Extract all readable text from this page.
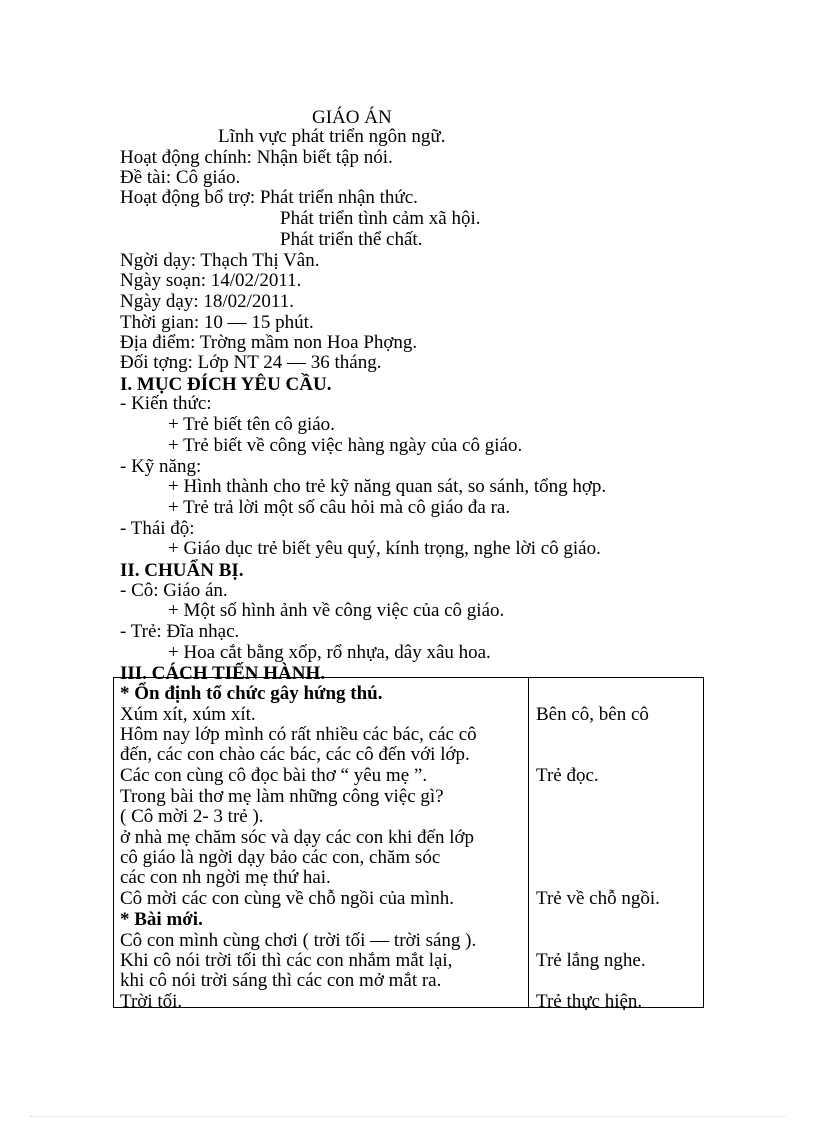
GIÁO ÁN
Lĩnh vực phát triển ngôn ngữ.
Hoạt động chính: Nhận biết tập nói.
Đề tài: Cô giáo.
Hoạt động bổ trợ: Phát triển nhận thức.
Phát triển tình cảm xã hội.
Phát triển thể chất.
Ngời dạy: Thạch Thị Vân.
Ngày soạn: 14/02/2011.
Ngày dạy: 18/02/2011.
Thời gian: 10 — 15 phút.
Địa điểm: Trờng mầm non Hoa Phợng.
Đối tợng: Lớp NT 24 — 36 tháng.
I. MỤC ĐÍCH YÊU CẦU.
- Kiến thức:
+ Trẻ biết tên cô giáo.
+ Trẻ biết về công việc hàng ngày của cô giáo.
- Kỹ năng:
+ Hình thành cho trẻ kỹ năng quan sát, so sánh, tổng hợp.
+ Trẻ trả lời một số câu hỏi mà cô giáo đa ra.
- Thái độ:
+ Giáo dục trẻ biết yêu quý, kính trọng, nghe lời cô giáo.
II. CHUẨN BỊ.
- Cô: Giáo án.
+ Một số hình ảnh về công việc của cô giáo.
- Trẻ: Đĩa nhạc.
+ Hoa cắt bằng xốp, rổ nhựa, dây xâu hoa.
III. CÁCH TIẾN HÀNH.
* Ổn định tổ chức gây hứng thú.
Xúm xít, xúm xít.
Hôm nay lớp mình có rất nhiều các bác, các cô
đến, các con chào các bác, các cô đến với lớp.
Các con cùng cô đọc bài thơ “ yêu mẹ ”.
Trong bài thơ mẹ làm những công việc gì?
( Cô mời 2- 3 trẻ ).
ở nhà mẹ chăm sóc và dạy các con khi đến lớp
cô giáo là ngời dạy bảo các con, chăm sóc
các con nh ngời mẹ thứ hai.
Cô mời các con cùng về chỗ ngồi của mình.
* Bài mới.
Cô con mình cùng chơi ( trời tối — trời sáng ).
Khi cô nói trời tối thì các con nhắm mắt lại,
khi cô nói trời sáng thì các con mở mắt ra.
Trời tối.
Bên cô, bên cô
Trẻ đọc.
Trẻ về chỗ ngồi.
Trẻ lắng nghe.
Trẻ thực hiện.
